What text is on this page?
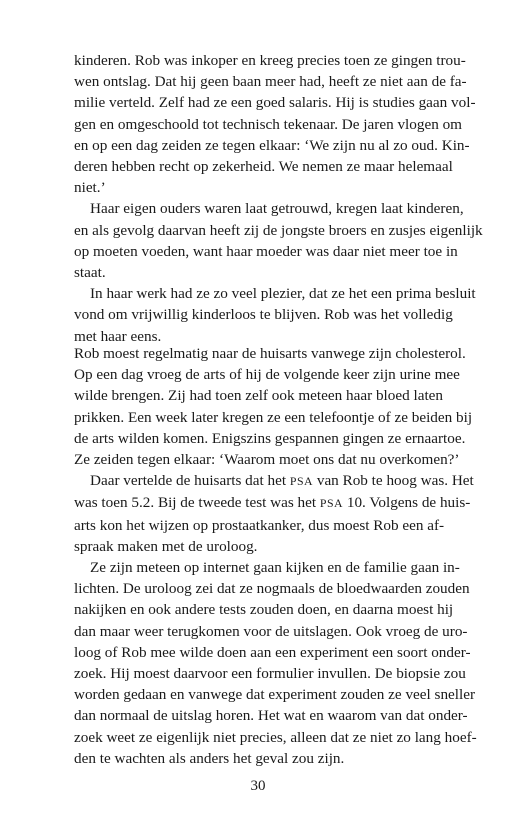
kinderen. Rob was inkoper en kreeg precies toen ze gingen trou-
wen ontslag. Dat hij geen baan meer had, heeft ze niet aan de fa-
milie verteld. Zelf had ze een goed salaris. Hij is studies gaan vol-
gen en omgeschoold tot technisch tekenaar. De jaren vlogen om
en op een dag zeiden ze tegen elkaar: ‘We zijn nu al zo oud. Kin-
deren hebben recht op zekerheid. We nemen ze maar helemaal
niet.’
Haar eigen ouders waren laat getrouwd, kregen laat kinderen,
en als gevolg daarvan heeft zij de jongste broers en zusjes eigenlijk
op moeten voeden, want haar moeder was daar niet meer toe in
staat.
In haar werk had ze zo veel plezier, dat ze het een prima besluit
vond om vrijwillig kinderloos te blijven. Rob was het volledig
met haar eens.
Rob moest regelmatig naar de huisarts vanwege zijn cholesterol.
Op een dag vroeg de arts of hij de volgende keer zijn urine mee
wilde brengen. Zij had toen zelf ook meteen haar bloed laten
prikken. Een week later kregen ze een telefoontje of ze beiden bij
de arts wilden komen. Enigszins gespannen gingen ze ernaartoe.
Ze zeiden tegen elkaar: ‘Waarom moet ons dat nu overkomen?’
Daar vertelde de huisarts dat het PSA van Rob te hoog was. Het
was toen 5.2. Bij de tweede test was het PSA 10. Volgens de huis-
arts kon het wijzen op prostaatkanker, dus moest Rob een af-
spraak maken met de uroloog.
Ze zijn meteen op internet gaan kijken en de familie gaan in-
lichten. De uroloog zei dat ze nogmaals de bloedwaarden zouden
nakijken en ook andere tests zouden doen, en daarna moest hij
dan maar weer terugkomen voor de uitslagen. Ook vroeg de uro-
loog of Rob mee wilde doen aan een experiment een soort onder-
zoek. Hij moest daarvoor een formulier invullen. De biopsie zou
worden gedaan en vanwege dat experiment zouden ze veel sneller
dan normaal de uitslag horen. Het wat en waarom van dat onder-
zoek weet ze eigenlijk niet precies, alleen dat ze niet zo lang hoef-
den te wachten als anders het geval zou zijn.
30
